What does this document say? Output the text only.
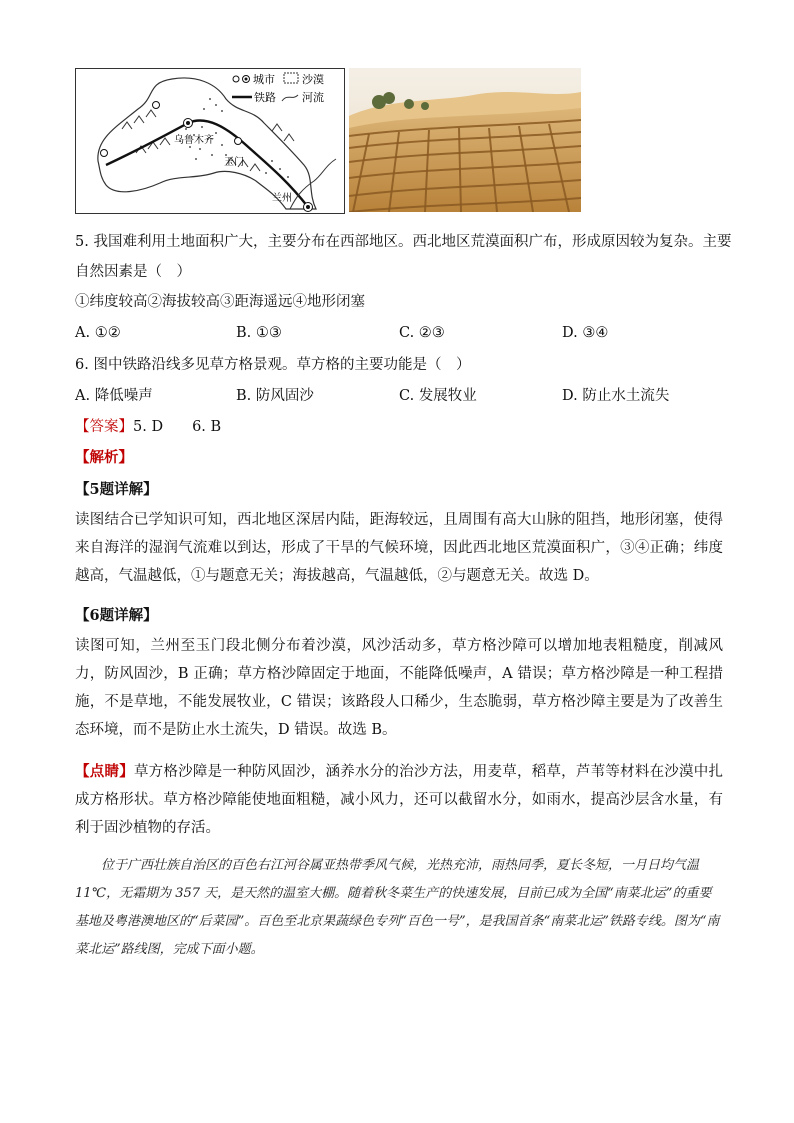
乌鲁木齐
玉门
兰州
城市 沙漠
铁路 河流
5. 我国难利用土地面积广大，主要分布在西部地区。西北地区荒漠面积广布，形成原因较为复杂。主要
自然因素是（　）
①纬度较高②海拔较高③距海遥远④地形闭塞
A. ①②	B. ①③	C. ②③	D. ③④
6. 图中铁路沿线多见草方格景观。草方格的主要功能是（　）
A. 降低噪声	B. 防风固沙	C. 发展牧业	D. 防止水土流失
【答案】5. D　　6. B
【解析】
【5题详解】
读图结合已学知识可知，西北地区深居内陆，距海较远，且周围有高大山脉的阻挡，地形闭塞，使得来自海洋的湿润气流难以到达，形成了干旱的气候环境，因此西北地区荒漠面积广，③④正确；纬度越高，气温越低，①与题意无关；海拔越高，气温越低，②与题意无关。故选 D。
【6题详解】
读图可知，兰州至玉门段北侧分布着沙漠，风沙活动多，草方格沙障可以增加地表粗糙度，削减风力，防风固沙，B 正确；草方格沙障固定于地面，不能降低噪声，A 错误；草方格沙障是一种工程措施，不是草地，不能发展牧业，C 错误；该路段人口稀少，生态脆弱，草方格沙障主要是为了改善生态环境，而不是防止水土流失，D 错误。故选 B。
【点睛】草方格沙障是一种防风固沙，涵养水分的治沙方法，用麦草，稻草，芦苇等材料在沙漠中扎成方格形状。草方格沙障能使地面粗糙，减小风力，还可以截留水分，如雨水，提高沙层含水量，有利于固沙植物的存活。
位于广西壮族自治区的百色右江河谷属亚热带季风气候，光热充沛，雨热同季，夏长冬短，一月日均气温 11℃，无霜期为 357 天，是天然的温室大棚。随着秋冬菜生产的快速发展，目前已成为全国“南菜北运”的重要基地及粤港澳地区的“后菜园”。百色至北京果蔬绿色专列“百色一号”，是我国首条“南菜北运”铁路专线。图为“南菜北运”路线图，完成下面小题。
